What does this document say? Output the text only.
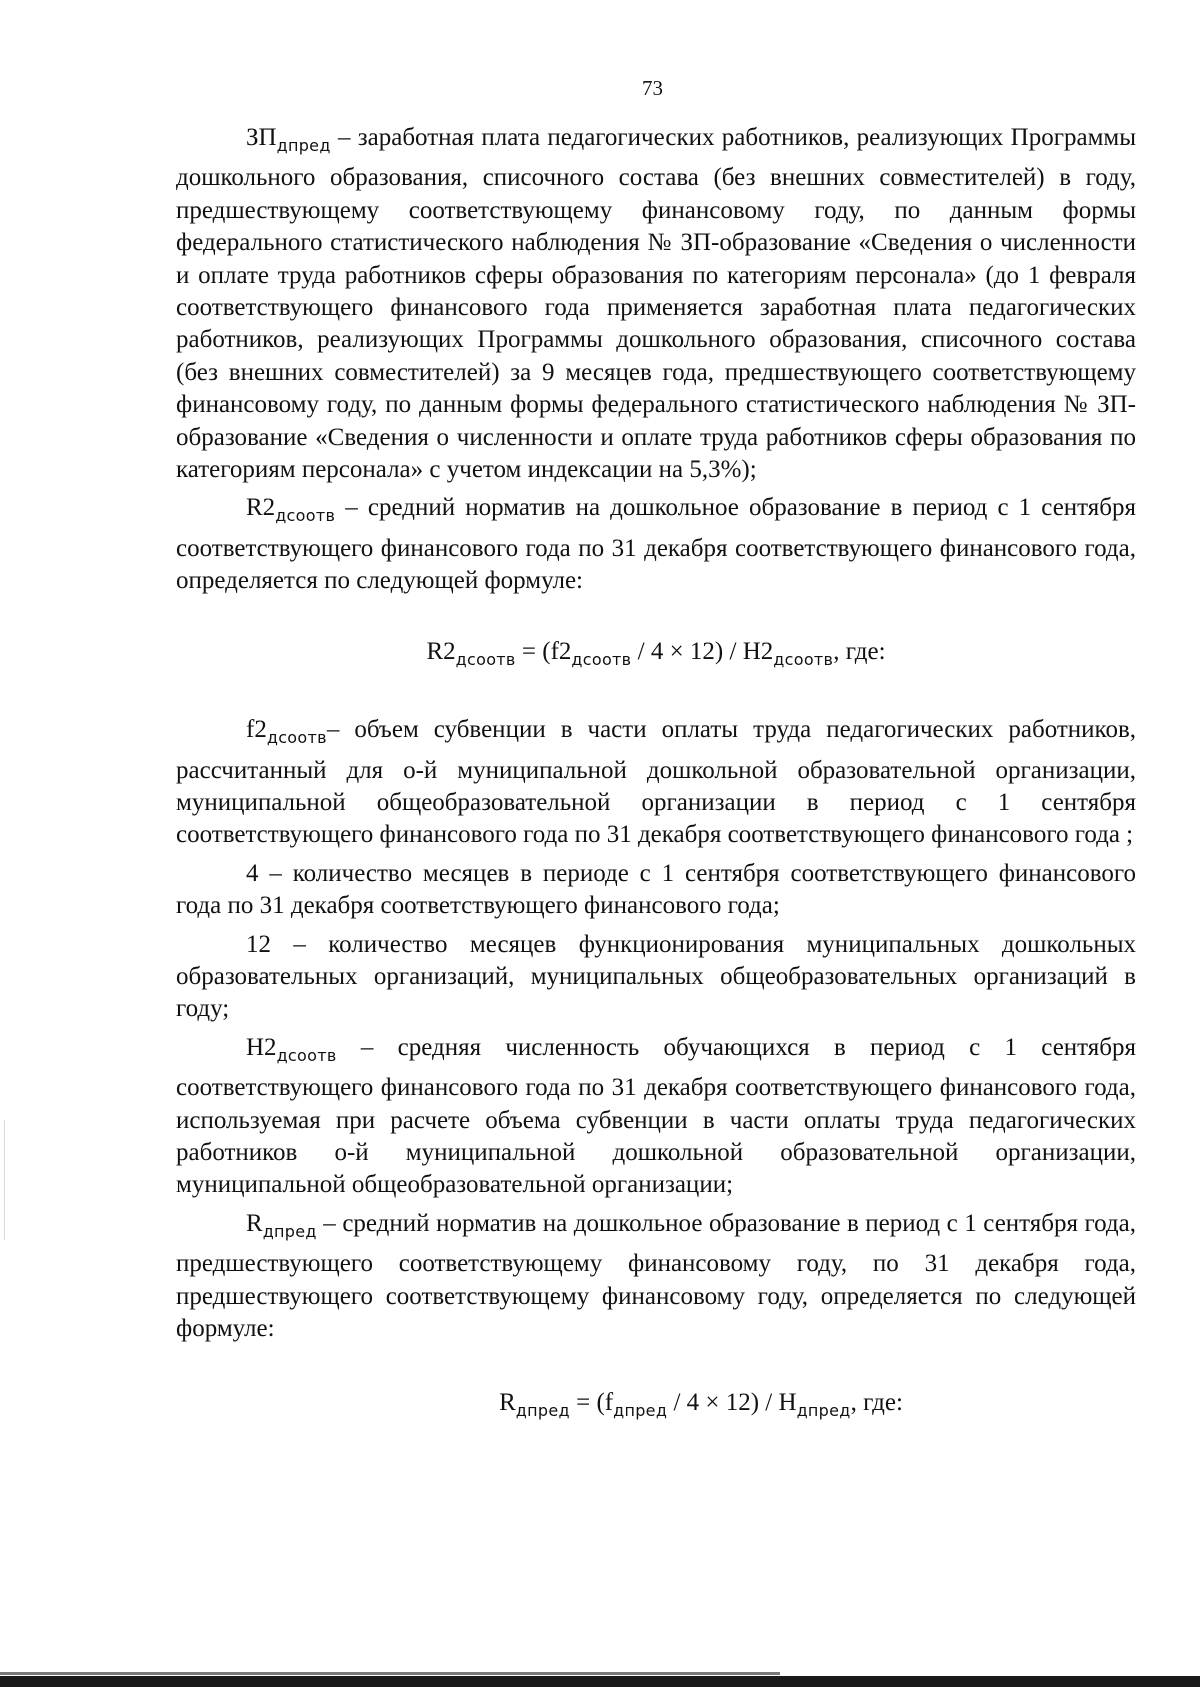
73

$ЗП_{дпред}$ – заработная плата педагогических работников, реализующих Программы дошкольного образования, списочного состава (без внешних совместителей) в году, предшествующему соответствующему финансовому году, по данным формы федерального статистического наблюдения № ЗП-образование «Сведения о численности и оплате труда работников сферы образования по категориям персонала» (до 1 февраля соответствующего финансового года применяется заработная плата педагогических работников, реализующих Программы дошкольного образования, списочного состава (без внешних совместителей) за 9 месяцев года, предшествующего соответствующему финансовому году, по данным формы федерального статистического наблюдения № ЗП-образование «Сведения о численности и оплате труда работников сферы образования по категориям персонала» с учетом индексации на 5,3%);

$R2_{дсоотв}$ – средний норматив на дошкольное образование в период с 1 сентября соответствующего финансового года по 31 декабря соответствующего финансового года, определяется по следующей формуле:

$R2_{дсоотв} = (f2_{дсоотв} / 4 \times 12) / Н2_{дсоотв}$, где:

$f2_{дсоотв}-$ объем субвенции в части оплаты труда педагогических работников, рассчитанный для о-й муниципальной дошкольной образовательной организации, муниципальной общеобразовательной организации в период с 1 сентября соответствующего финансового года по 31 декабря соответствующего финансового года ;

4 – количество месяцев в периоде с 1 сентября соответствующего финансового года по 31 декабря соответствующего финансового года;

12 – количество месяцев функционирования муниципальных дошкольных образовательных организаций, муниципальных общеобразовательных организаций в году;

$Н2_{дсоотв}$ – средняя численность обучающихся в период с 1 сентября соответствующего финансового года по 31 декабря соответствующего финансового года, используемая при расчете объема субвенции в части оплаты труда педагогических работников о-й муниципальной дошкольной образовательной организации, муниципальной общеобразовательной организации;

$R_{дпред}$ – средний норматив на дошкольное образование в период с 1 сентября года, предшествующего соответствующему финансовому году, по 31 декабря года, предшествующего соответствующему финансовому году, определяется по следующей формуле:

$R_{дпред} = (f_{дпред} / 4 \times 12) / Н_{дпред}$, где:
